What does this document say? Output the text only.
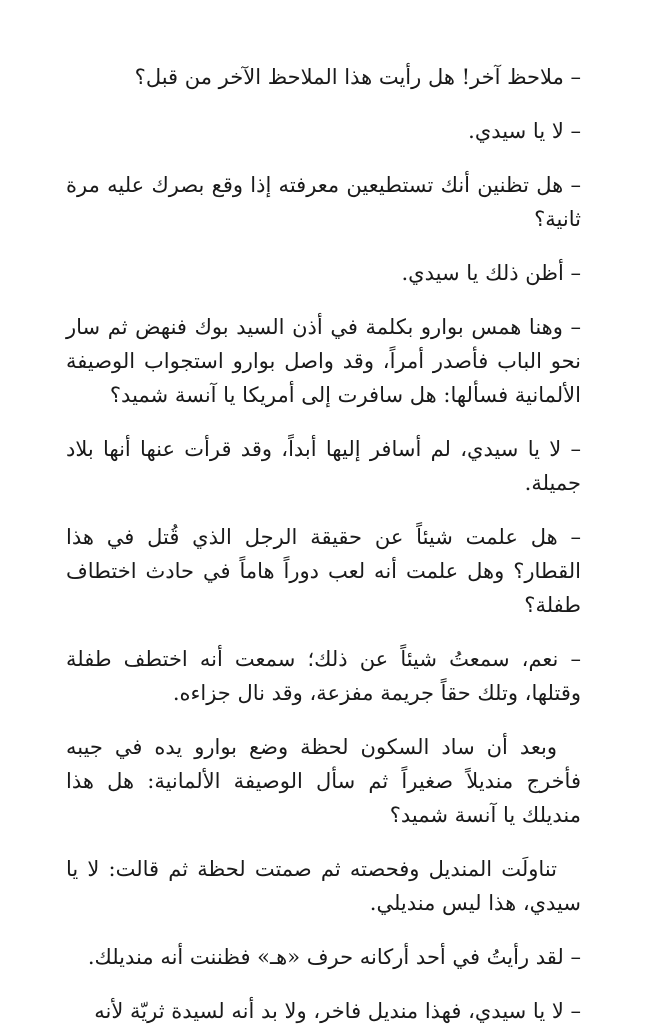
– ملاحظ آخر! هل رأيت هذا الملاحظ الآخر من قبل؟

– لا يا سيدي.

– هل تظنين أنك تستطيعين معرفته إذا وقع بصرك عليه مرة ثانية؟

– أظن ذلك يا سيدي.

– وهنا همس بوارو بكلمة في أذن السيد بوك فنهض ثم سار نحو الباب فأصدر أمراً، وقد واصل بوارو استجواب الوصيفة الألمانية فسألها: هل سافرت إلى أمريكا يا آنسة شميد؟

– لا يا سيدي، لم أسافر إليها أبداً، وقد قرأت عنها أنها بلاد جميلة.

– هل علمت شيئاً عن حقيقة الرجل الذي قُتل في هذا القطار؟ وهل علمت أنه لعب دوراً هاماً في حادث اختطاف طفلة؟

– نعم، سمعتُ شيئاً عن ذلك؛ سمعت أنه اختطف طفلة وقتلها، وتلك حقاً جريمة مفزعة، وقد نال جزاءه.

وبعد أن ساد السكون لحظة وضع بوارو يده في جيبه فأخرج منديلاً صغيراً ثم سأل الوصيفة الألمانية: هل هذا منديلك يا آنسة شميد؟

تناولَت المنديل وفحصته ثم صمتت لحظة ثم قالت: لا يا سيدي، هذا ليس منديلي.

– لقد رأيتُ في أحد أركانه حرف «هـ» فظننت أنه منديلك.

– لا يا سيدي، فهذا منديل فاخر، ولا بد أنه لسيدة ثريّة لأنه
